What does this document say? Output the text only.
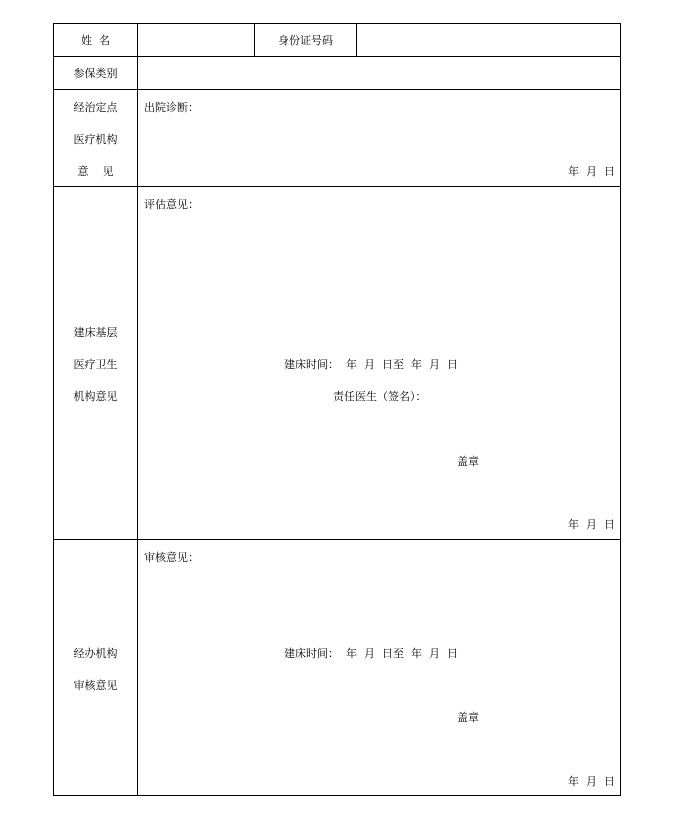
姓  名	身份证号码
参保类别
经治定点
医疗机构
意    见
出院诊断：
年  月  日
建床基层
医疗卫生
机构意见
评估意见：
建床时间：  年  月  日至  年  月  日
责任医生（签名）：
盖章
年  月  日
经办机构
审核意见
审核意见：
建床时间：  年  月  日至  年  月  日
盖章
年  月  日
